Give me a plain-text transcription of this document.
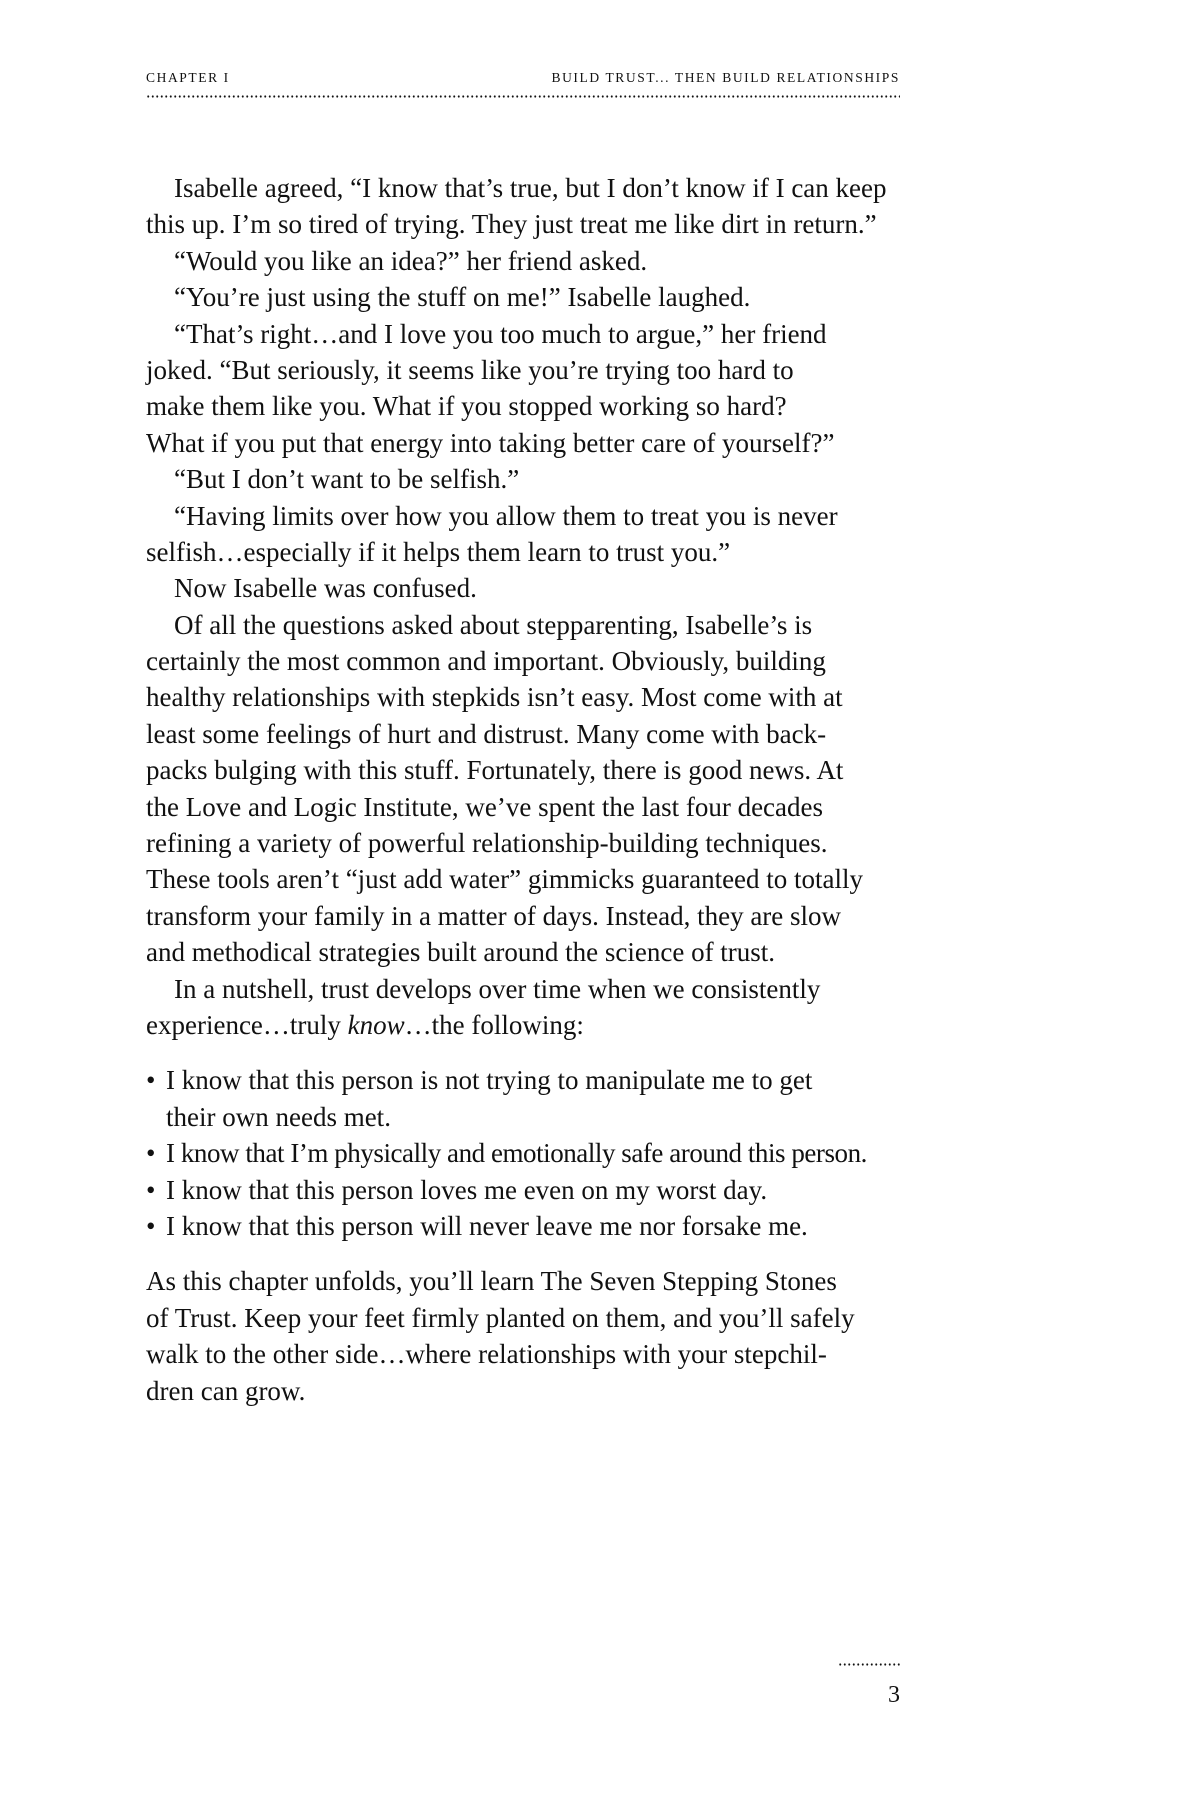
CHAPTER I	BUILD TRUST... THEN BUILD RELATIONSHIPS
Isabelle agreed, “I know that’s true, but I don’t know if I can keep
this up. I’m so tired of trying. They just treat me like dirt in return.”
“Would you like an idea?” her friend asked.
“You’re just using the stuff on me!” Isabelle laughed.
“That’s right…and I love you too much to argue,” her friend
joked. “But seriously, it seems like you’re trying too hard to
make them like you. What if you stopped working so hard?
What if you put that energy into taking better care of yourself?”
“But I don’t want to be selfish.”
“Having limits over how you allow them to treat you is never
selfish…especially if it helps them learn to trust you.”
Now Isabelle was confused.
Of all the questions asked about stepparenting, Isabelle’s is
certainly the most common and important. Obviously, building
healthy relationships with stepkids isn’t easy. Most come with at
least some feelings of hurt and distrust. Many come with back-
packs bulging with this stuff. Fortunately, there is good news. At
the Love and Logic Institute, we’ve spent the last four decades
refining a variety of powerful relationship-building techniques.
These tools aren’t “just add water” gimmicks guaranteed to totally
transform your family in a matter of days. Instead, they are slow
and methodical strategies built around the science of trust.
In a nutshell, trust develops over time when we consistently
experience…truly know…the following:
• I know that this person is not trying to manipulate me to get
their own needs met.
• I know that I’m physically and emotionally safe around this person.
• I know that this person loves me even on my worst day.
• I know that this person will never leave me nor forsake me.
As this chapter unfolds, you’ll learn The Seven Stepping Stones
of Trust. Keep your feet firmly planted on them, and you’ll safely
walk to the other side…where relationships with your stepchil-
dren can grow.
3
